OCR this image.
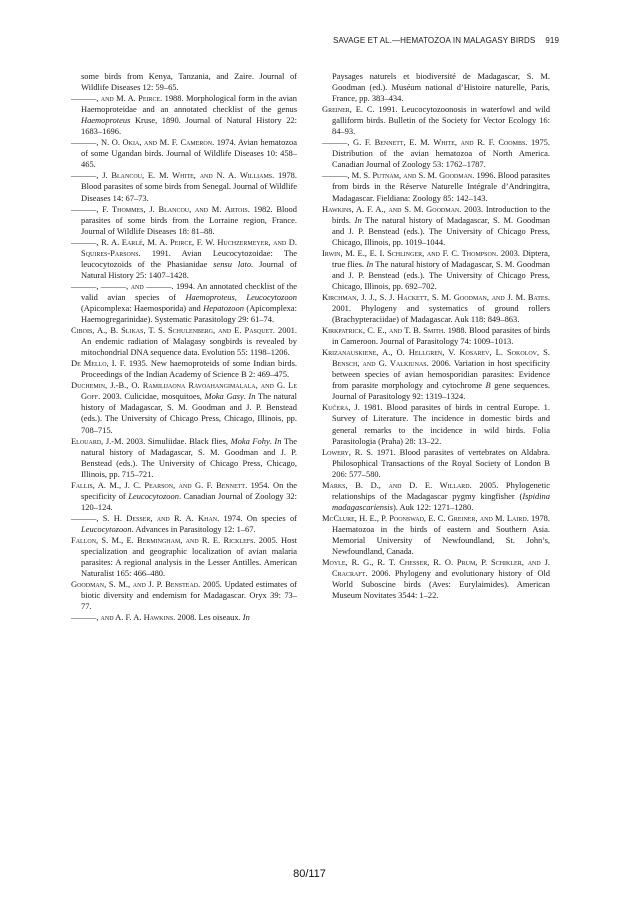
SAVAGE ET AL.—HEMATOZOA IN MALAGASY BIRDS 919

some birds from Kenya, Tanzania, and Zaire. Journal of Wildlife Diseases 12: 59–65.

———, and M. A. Peirce. 1988. Morphological form in the avian Haemoproteidae and an annotated checklist of the genus Haemoproteus Kruse, 1890. Journal of Natural History 22: 1683–1696.

———, N. O. Okia, and M. F. Cameron. 1974. Avian hematozoa of some Ugandan birds. Journal of Wildlife Diseases 10: 458–465.

———, J. Blancou, E. M. White, and N. A. Williams. 1978. Blood parasites of some birds from Senegal. Journal of Wildlife Diseases 14: 67–73.

———, F. Thommes, J. Blancou, and M. Artois. 1982. Blood parasites of some birds from the Lorraine region, France. Journal of Wildlife Diseases 18: 81–88.

———, R. A. Earlé, M. A. Peirce, F. W. Huchzermeyer, and D. Squires-Parsons. 1991. Avian Leucocytozoidae: The leucocytozoids of the Phasianidae sensu lato. Journal of Natural History 25: 1407–1428.

———, ———, and ———. 1994. An annotated checklist of the valid avian species of Haemoproteus, Leucocytozoon (Apicomplexa: Haemosporida) and Hepatozoon (Apicomplexa: Haemogregarinidae). Systematic Parasitology 29: 61–74.

Cibois, A., B. Slikas, T. S. Schulenberg, and E. Pasquet. 2001. An endemic radiation of Malagasy songbirds is revealed by mitochondrial DNA sequence data. Evolution 55: 1198–1206.

De Mello, I. F. 1935. New haemoproteids of some Indian birds. Proceedings of the Indian Academy of Science B 2: 469–475.

Duchemin, J.-B., O. Ramilijaona Ravoahangimalala, and G. Le Goff. 2003. Culicidae, mosquitoes, Moka Gasy. In The natural history of Madagascar, S. M. Goodman and J. P. Benstead (eds.). The University of Chicago Press, Chicago, Illinois, pp. 708–715.

Elouard, J.-M. 2003. Simuliidae. Black flies, Moka Fohy. In The natural history of Madagascar, S. M. Goodman and J. P. Benstead (eds.). The University of Chicago Press, Chicago, Illinois, pp. 715–721.

Fallis, A. M., J. C. Pearson, and G. F. Bennett. 1954. On the specificity of Leucocytozoon. Canadian Journal of Zoology 32: 120–124.

———, S. H. Desser, and R. A. Khan. 1974. On species of Leucocytozoon. Advances in Parasitology 12: 1–67.

Fallon, S. M., E. Bermingham, and R. E. Ricklefs. 2005. Host specialization and geographic localization of avian malaria parasites: A regional analysis in the Lesser Antilles. American Naturalist 165: 466–480.

Goodman, S. M., and J. P. Benstead. 2005. Updated estimates of biotic diversity and endemism for Madagascar. Oryx 39: 73–77.

———, and A. F. A. Hawkins. 2008. Les oiseaux. In

Paysages naturels et biodiversité de Madagascar, S. M. Goodman (ed.). Muséum national d’Histoire naturelle, Paris, France, pp. 383–434.

Greiner, E. C. 1991. Leucocytozoonosis in waterfowl and wild galliform birds. Bulletin of the Society for Vector Ecology 16: 84–93.

———, G. F. Bennett, E. M. White, and R. F. Coombs. 1975. Distribution of the avian hematozoa of North America. Canadian Journal of Zoology 53: 1762–1787.

———, M. S. Putnam, and S. M. Goodman. 1996. Blood parasites from birds in the Réserve Naturelle Intégrale d’Andringitra, Madagascar. Fieldiana: Zoology 85: 142–143.

Hawkins, A. F. A., and S. M. Goodman. 2003. Introduction to the birds. In The natural history of Madagascar, S. M. Goodman and J. P. Benstead (eds.). The University of Chicago Press, Chicago, Illinois, pp. 1019–1044.

Irwin, M. E., E. I. Schlinger, and F. C. Thompson. 2003. Diptera, true flies. In The natural history of Madagascar, S. M. Goodman and J. P. Benstead (eds.). The University of Chicago Press, Chicago, Illinois, pp. 692–702.

Kirchman, J. J., S. J. Hackett, S. M. Goodman, and J. M. Bates. 2001. Phylogeny and systematics of ground rollers (Brachypteraciidae) of Madagascar. Auk 118: 849–863.

Kirkpatrick, C. E., and T. B. Smith. 1988. Blood parasites of birds in Cameroon. Journal of Parasitology 74: 1009–1013.

Krizanauskiene, A., O. Hellgren, V. Kosarev, L. Sokolov, S. Bensch, and G. Valkiunas. 2006. Variation in host specificity between species of avian hemosporidian parasites: Evidence from parasite morphology and cytochrome B gene sequences. Journal of Parasitology 92: 1319–1324.

Kučera, J. 1981. Blood parasites of birds in central Europe. 1. Survey of Literature. The incidence in domestic birds and general remarks to the incidence in wild birds. Folia Parasitologia (Praha) 28: 13–22.

Lowery, R. S. 1971. Blood parasites of vertebrates on Aldabra. Philosophical Transactions of the Royal Society of London B 206: 577–580.

Marks, B. D., and D. E. Willard. 2005. Phylogenetic relationships of the Madagascar pygmy kingfisher (Ispidina madagascariensis). Auk 122: 1271–1280.

McClure, H. E., P. Poonswad, E. C. Greiner, and M. Laird. 1978. Haematozoa in the birds of eastern and Southern Asia. Memorial University of Newfoundland, St. John’s, Newfoundland, Canada.

Moyle, R. G., R. T. Chesser, R. O. Prum, P. Schikler, and J. Cracraft. 2006. Phylogeny and evolutionary history of Old World Suboscine birds (Aves: Eurylaimides). American Museum Novitates 3544: 1–22.

80/117
